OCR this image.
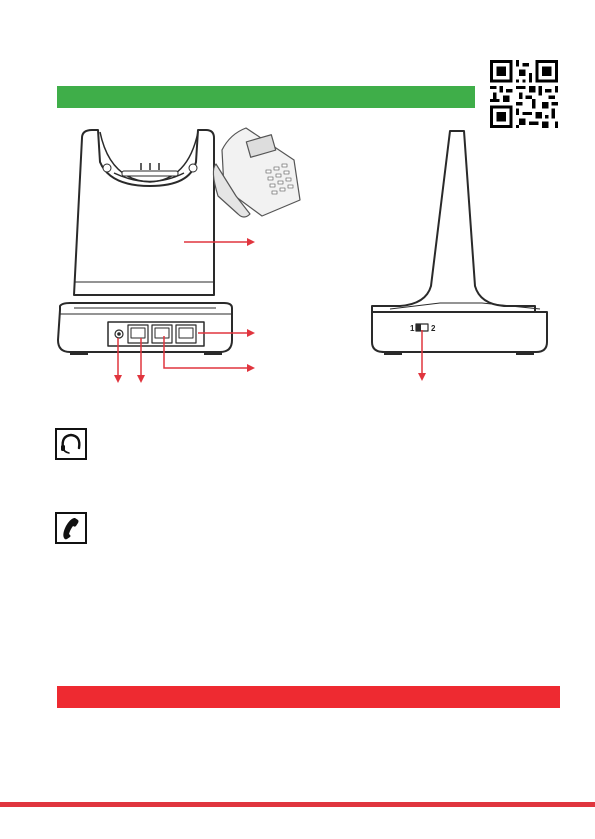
1 2
